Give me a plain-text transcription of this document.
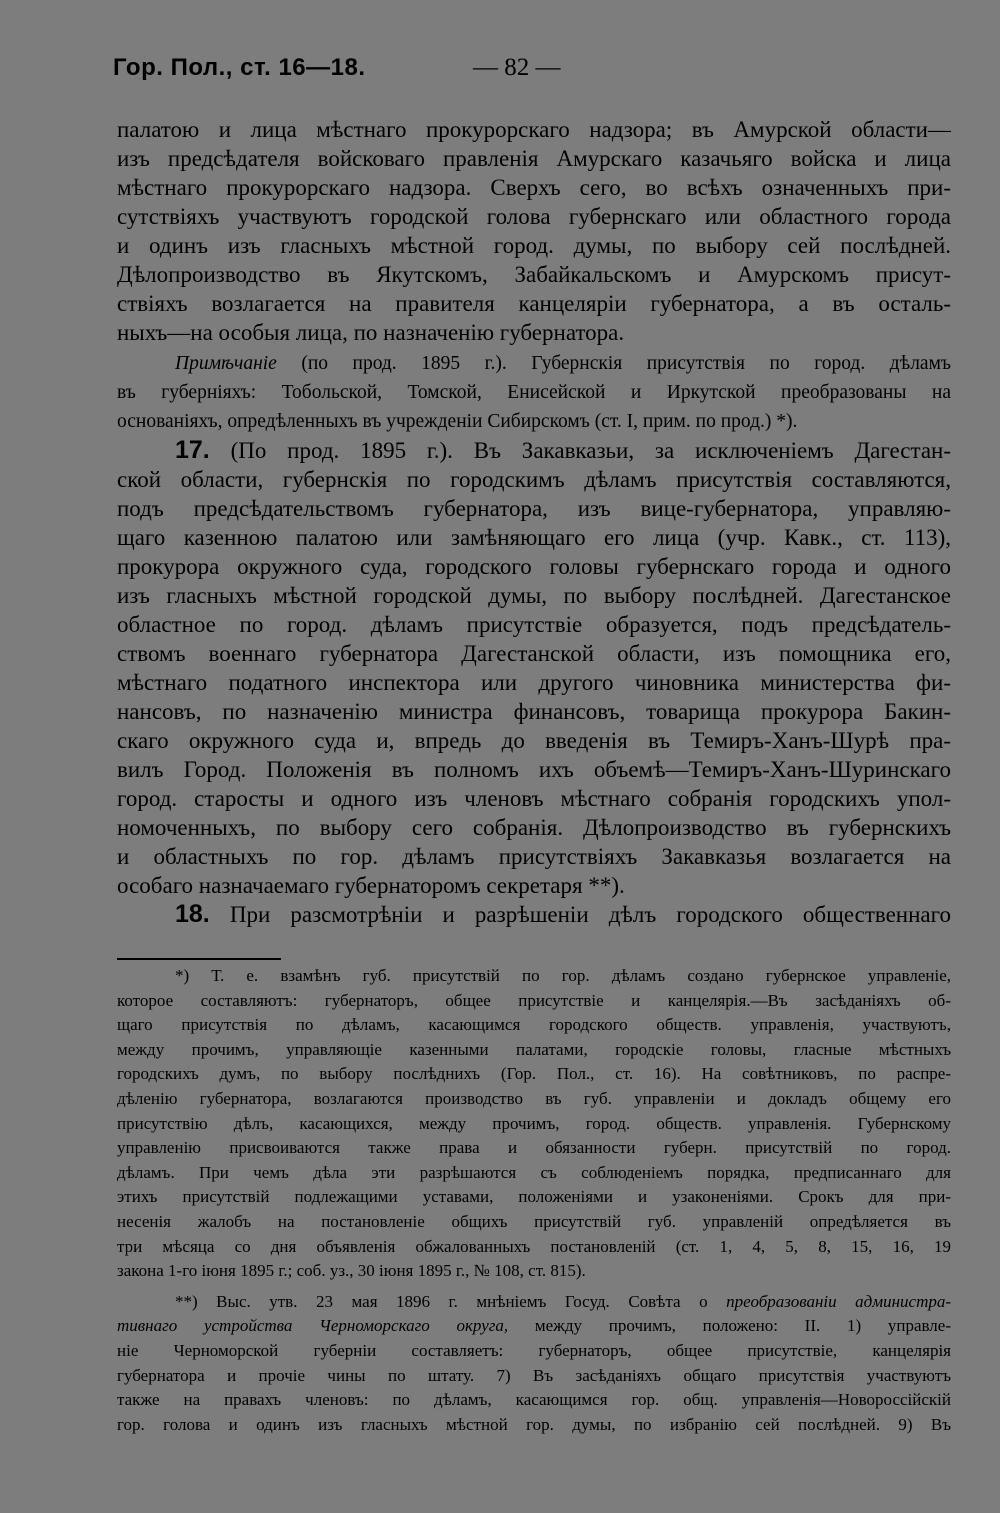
Гор. Пол., ст. 16—18.	— 82 —
палатою и лица мѣстнаго прокурорскаго надзора; въ Амурской области—
изъ предсѣдателя войсковаго правленія Амурскаго казачьяго войска и лица
мѣстнаго прокурорскаго надзора. Сверхъ сего, во всѣхъ означенныхъ при-
сутствіяхъ участвуютъ городской голова губернскаго или областного города
и одинъ изъ гласныхъ мѣстной город. думы, по выбору сей послѣдней.
Дѣлопроизводство въ Якутскомъ, Забайкальскомъ и Амурскомъ присут-
ствіяхъ возлагается на правителя канцеляріи губернатора, а въ осталь-
ныхъ—на особыя лица, по назначенію губернатора.
Примѣчаніе (по прод. 1895 г.). Губернскія присутствія по город. дѣламъ
въ губерніяхъ: Тобольской, Томской, Енисейской и Иркутской преобразованы на
основаніяхъ, опредѣленныхъ въ учрежденіи Сибирскомъ (ст. I, прим. по прод.) *).
17. (По прод. 1895 г.). Въ Закавказьи, за исключеніемъ Дагестан-
ской области, губернскія по городскимъ дѣламъ присутствія составляются,
подъ предсѣдательствомъ губернатора, изъ вице-губернатора, управляю-
щаго казенною палатою или замѣняющаго его лица (учр. Кавк., ст. 113),
прокурора окружного суда, городского головы губернскаго города и одного
изъ гласныхъ мѣстной городской думы, по выбору послѣдней. Дагестанское
областное по город. дѣламъ присутствіе образуется, подъ предсѣдатель-
ствомъ военнаго губернатора Дагестанской области, изъ помощника его,
мѣстнаго податного инспектора или другого чиновника министерства фи-
нансовъ, по назначенію министра финансовъ, товарища прокурора Бакин-
скаго окружного суда и, впредь до введенія въ Темиръ-Ханъ-Шурѣ пра-
вилъ Город. Положенія въ полномъ ихъ объемѣ—Темиръ-Ханъ-Шуринскаго
город. старосты и одного изъ членовъ мѣстнаго собранія городскихъ упол-
номоченныхъ, по выбору сего собранія. Дѣлопроизводство въ губернскихъ
и областныхъ по гор. дѣламъ присутствіяхъ Закавказья возлагается на
особаго назначаемаго губернаторомъ секретаря **).
18. При разсмотрѣніи и разрѣшеніи дѣлъ городского общественнаго
*) Т. е. взамѣнъ губ. присутствій по гор. дѣламъ создано губернское управленіе,
которое составляютъ: губернаторъ, общее присутствіе и канцелярія.—Въ засѣданіяхъ об-
щаго присутствія по дѣламъ, касающимся городского обществ. управленія, участвуютъ,
между прочимъ, управляющіе казенными палатами, городскіе головы, гласные мѣстныхъ
городскихъ думъ, по выбору послѣднихъ (Гор. Пол., ст. 16). На совѣтниковъ, по распре-
дѣленію губернатора, возлагаются производство въ губ. управленіи и докладъ общему его
присутствію дѣлъ, касающихся, между прочимъ, город. обществ. управленія. Губернскому
управленію присвоиваются также права и обязанности губерн. присутствій по город.
дѣламъ. При чемъ дѣла эти разрѣшаются съ соблюденіемъ порядка, предписаннаго для
этихъ присутствій подлежащими уставами, положеніями и узаконеніями. Срокъ для при-
несенія жалобъ на постановленіе общихъ присутствій губ. управленій опредѣляется въ
три мѣсяца со дня объявленія обжалованныхъ постановленій (ст. 1, 4, 5, 8, 15, 16, 19
закона 1-го іюня 1895 г.; соб. уз., 30 іюня 1895 г., № 108, ст. 815).
**) Выс. утв. 23 мая 1896 г. мнѣніемъ Госуд. Совѣта о преобразованіи администра-
тивнаго устройства Черноморскаго округа, между прочимъ, положено: II. 1) управле-
ніе Черноморской губерніи составляетъ: губернаторъ, общее присутствіе, канцелярія
губернатора и прочіе чины по штату. 7) Въ засѣданіяхъ общаго присутствія участвуютъ
также на правахъ членовъ: по дѣламъ, касающимся гор. общ. управленія—Новороссійскій
гор. голова и одинъ изъ гласныхъ мѣстной гор. думы, по избранію сей послѣдней. 9) Въ
